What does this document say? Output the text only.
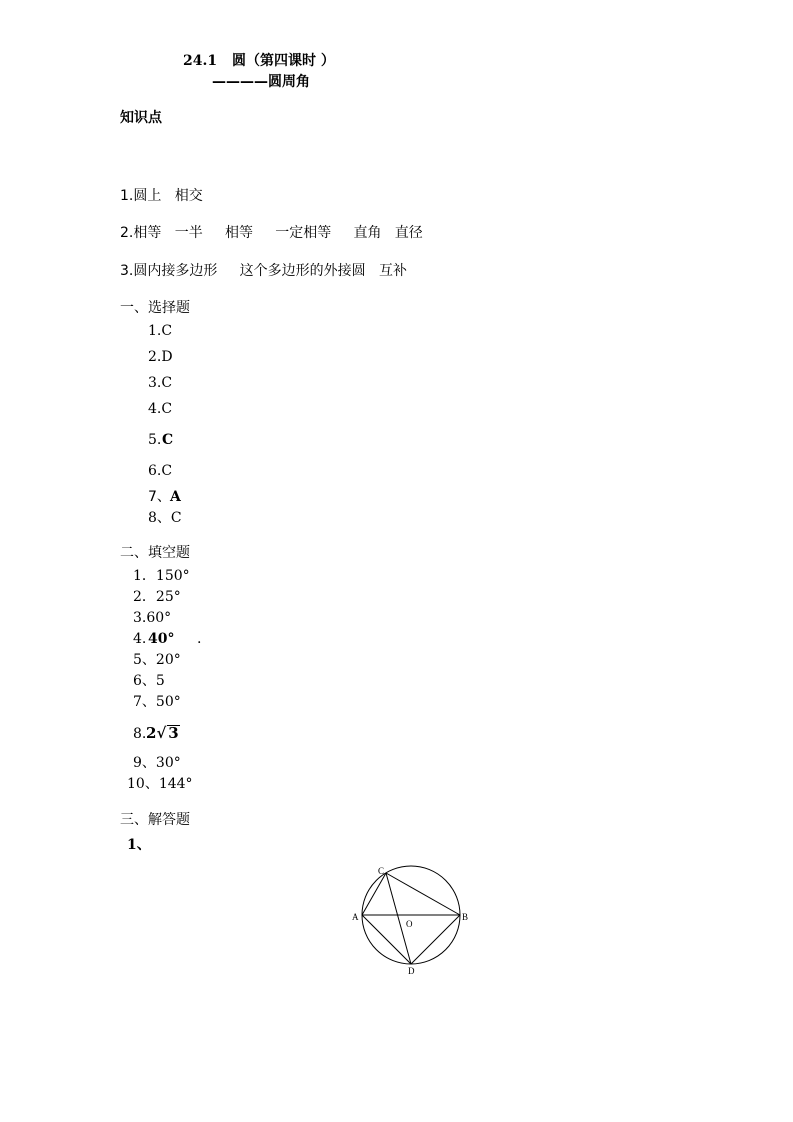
24.1 圆（第四课时 ）
————圆周角
知识点
1.圆上   相交
2.相等   一半     相等     一定相等     直角   直径
3.圆内接多边形     这个多边形的外接圆   互补
一、选择题
1.C
2.D
3.C
4.C
5. C
6.C
7、 A
8、C
二、填空题
1．150°
2．25°
3.60°
4. 40° .
5、20°
6、5
7、50°
8. 2√ 3
9、30°
10、144°
三、解答题
1、
C
A
O
B
D
